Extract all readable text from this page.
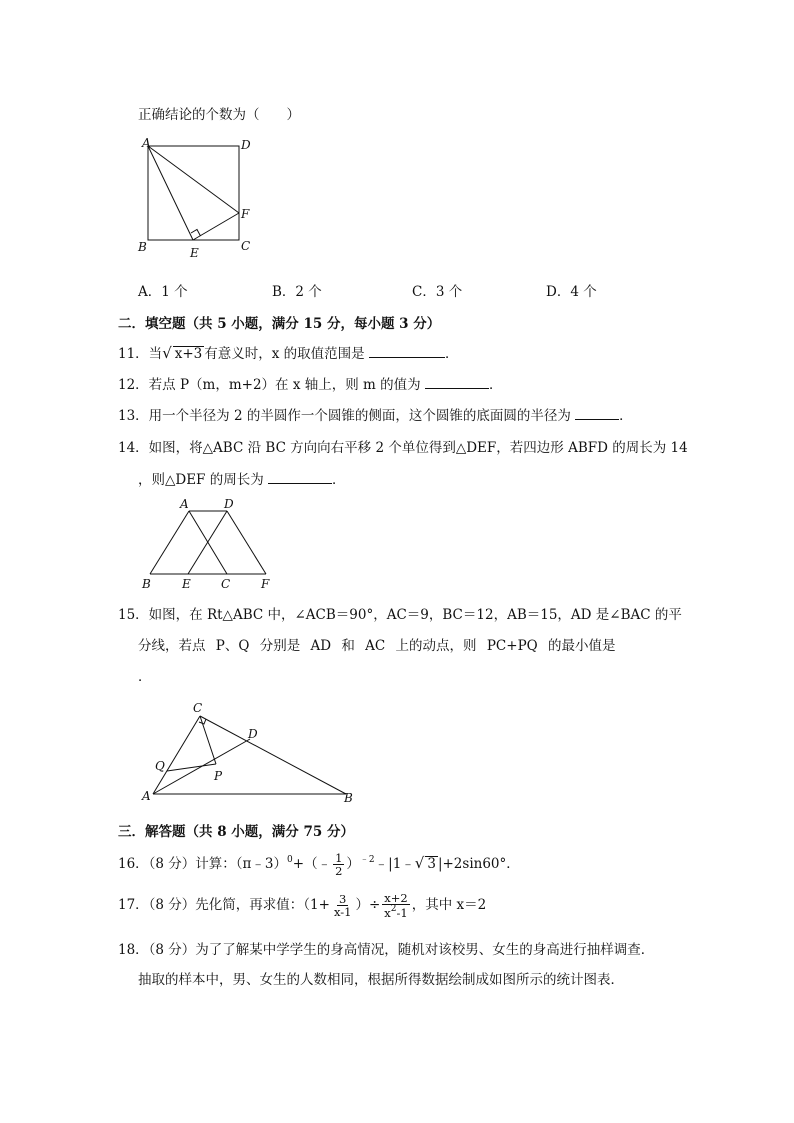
正确结论的个数为（　　）
A	D
F
B	E	C
A．1 个	B．2 个	C．3 个	D．4 个
二．填空题（共 5 小题，满分 15 分，每小题 3 分）
11．当√ x+3 有意义时，x 的取值范围是	．
12．若点 P（m，m+2）在 x 轴上，则 m 的值为	．
13．用一个半径为 2 的半圆作一个圆锥的侧面，这个圆锥的底面圆的半径为	．
14．如图，将△ABC 沿 BC 方向向右平移 2 个单位得到△DEF，若四边形 ABFD 的周长为 14
，则△DEF 的周长为	．
A	D
B	E	C	F
15．如图，在 Rt△ABC 中，∠ACB＝90°，AC＝9，BC＝12，AB＝15，AD 是∠BAC 的平
分线，若点 P、Q 分别是 AD 和 AC 上的动点，则 PC+PQ 的最小值是
．
C
D
Q
P
A	B
三．解答题（共 8 小题，满分 75 分）
16．（8 分）计算：（π﹣3）$^0$+（﹣ $\frac{1}{2}$ ）$^{﹣2}$﹣|1﹣√ 3 |+2sin60°．
17．（8 分）先化简，再求值：（$1+ \frac{3}{x-1}$ ）÷ $\frac{x+2}{x^2-1}$ ，其中 x＝2
18．（8 分）为了了解某中学学生的身高情况，随机对该校男、女生的身高进行抽样调查．
抽取的样本中，男、女生的人数相同，根据所得数据绘制成如图所示的统计图表．
